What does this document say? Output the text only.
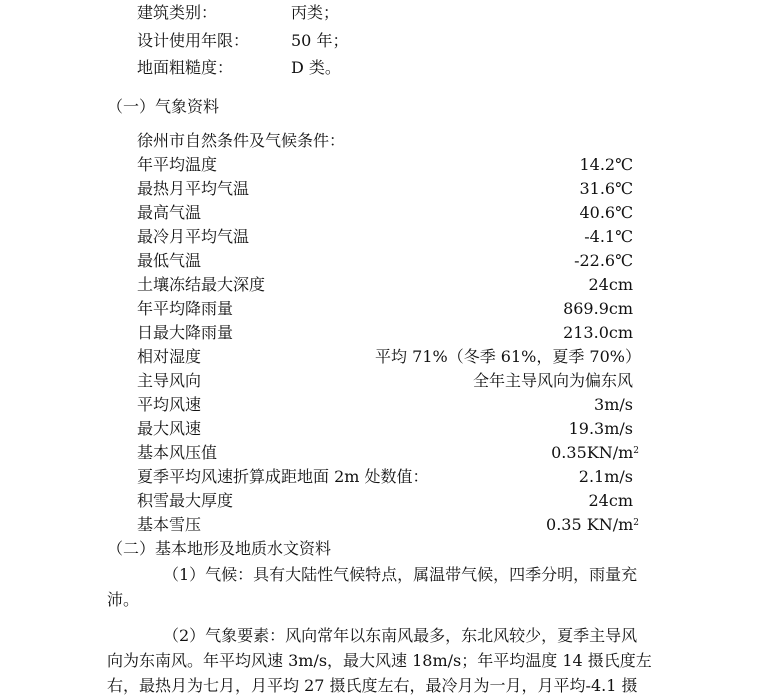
建筑类别：	丙类；
设计使用年限：	50 年；
地面粗糙度：	D 类。
（一）气象资料
徐州市自然条件及气候条件：
年平均温度	14.2℃
最热月平均气温	31.6℃
最高气温	40.6℃
最冷月平均气温	-4.1℃
最低气温	-22.6℃
土壤冻结最大深度	24cm
年平均降雨量	869.9cm
日最大降雨量	213.0cm
相对湿度	平均 71%（冬季 61%，夏季 70%）
主导风向	全年主导风向为偏东风
平均风速	3m/s
最大风速	19.3m/s
基本风压值	$0.35KN/m^2$
夏季平均风速折算成距地面 2m 处数值：	2.1m/s
积雪最大厚度	24cm
基本雪压	0.35 $KN/m^2$
（二）基本地形及地质水文资料
（1）气候：具有大陆性气候特点，属温带气候，四季分明，雨量充
沛。
（2）气象要素：风向常年以东南风最多，东北风较少，夏季主导风
向为东南风。年平均风速 3m/s，最大风速 18m/s；年平均温度 14 摄氏度左
右，最热月为七月，月平均 27 摄氏度左右，最冷月为一月，月平均-4.1 摄
